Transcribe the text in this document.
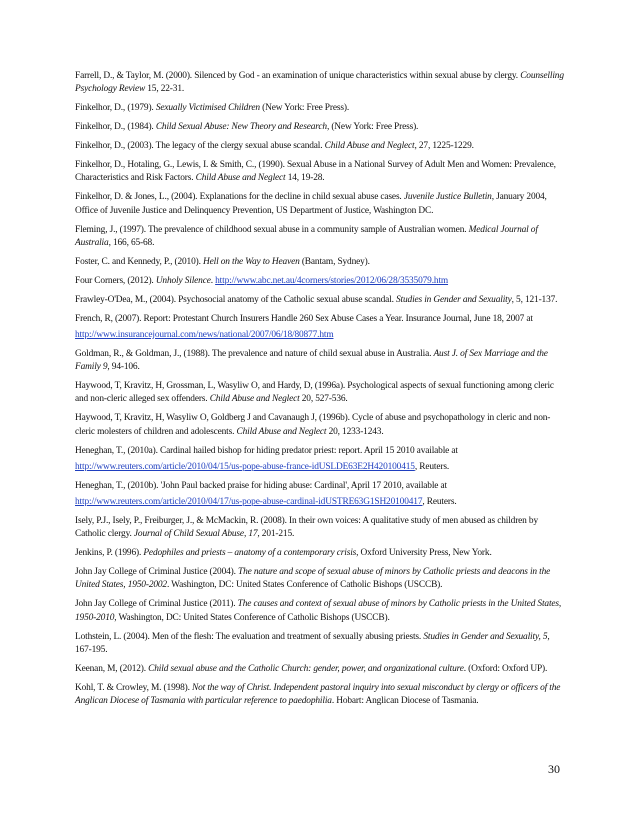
Farrell, D., & Taylor, M. (2000). Silenced by God - an examination of unique characteristics within sexual abuse by clergy. Counselling Psychology Review 15, 22-31.

Finkelhor, D., (1979). Sexually Victimised Children (New York: Free Press).

Finkelhor, D., (1984). Child Sexual Abuse: New Theory and Research, (New York: Free Press).

Finkelhor, D., (2003). The legacy of the clergy sexual abuse scandal. Child Abuse and Neglect, 27, 1225-1229.

Finkelhor, D., Hotaling, G., Lewis, I. & Smith, C., (1990). Sexual Abuse in a National Survey of Adult Men and Women: Prevalence, Characteristics and Risk Factors. Child Abuse and Neglect 14, 19-28.

Finkelhor, D. & Jones, L., (2004). Explanations for the decline in child sexual abuse cases. Juvenile Justice Bulletin, January 2004, Office of Juvenile Justice and Delinquency Prevention, US Department of Justice, Washington DC.

Fleming, J., (1997). The prevalence of childhood sexual abuse in a community sample of Australian women. Medical Journal of Australia, 166, 65-68.

Foster, C. and Kennedy, P., (2010). Hell on the Way to Heaven (Bantam, Sydney).

Four Corners, (2012). Unholy Silence. http://www.abc.net.au/4corners/stories/2012/06/28/3535079.htm

Frawley-O'Dea, M., (2004). Psychosocial anatomy of the Catholic sexual abuse scandal. Studies in Gender and Sexuality, 5, 121-137.

French, R, (2007). Report: Protestant Church Insurers Handle 260 Sex Abuse Cases a Year. Insurance Journal, June 18, 2007 at

http://www.insurancejournal.com/news/national/2007/06/18/80877.htm

Goldman, R., & Goldman, J., (1988). The prevalence and nature of child sexual abuse in Australia. Aust J. of Sex Marriage and the Family 9, 94-106.

Haywood, T, Kravitz, H, Grossman, L, Wasyliw O, and Hardy, D, (1996a). Psychological aspects of sexual functioning among cleric and non-cleric alleged sex offenders. Child Abuse and Neglect 20, 527-536.

Haywood, T, Kravitz, H, Wasyliw O, Goldberg J and Cavanaugh J, (1996b). Cycle of abuse and psychopathology in cleric and non-cleric molesters of children and adolescents. Child Abuse and Neglect 20, 1233-1243.

Heneghan, T., (2010a). Cardinal hailed bishop for hiding predator priest: report. April 15 2010 available at

http://www.reuters.com/article/2010/04/15/us-pope-abuse-france-idUSLDE63E2H420100415, Reuters.

Heneghan, T., (2010b). 'John Paul backed praise for hiding abuse: Cardinal', April 17 2010, available at

http://www.reuters.com/article/2010/04/17/us-pope-abuse-cardinal-idUSTRE63G1SH20100417, Reuters.

Isely, P.J., Isely, P., Freiburger, J., & McMackin, R. (2008). In their own voices: A qualitative study of men abused as children by Catholic clergy. Journal of Child Sexual Abuse, 17, 201-215.

Jenkins, P. (1996). Pedophiles and priests – anatomy of a contemporary crisis, Oxford University Press, New York.

John Jay College of Criminal Justice (2004). The nature and scope of sexual abuse of minors by Catholic priests and deacons in the United States, 1950-2002. Washington, DC: United States Conference of Catholic Bishops (USCCB).

John Jay College of Criminal Justice (2011). The causes and context of sexual abuse of minors by Catholic priests in the United States, 1950-2010, Washington, DC: United States Conference of Catholic Bishops (USCCB).

Lothstein, L. (2004). Men of the flesh: The evaluation and treatment of sexually abusing priests. Studies in Gender and Sexuality, 5, 167-195.

Keenan, M, (2012). Child sexual abuse and the Catholic Church: gender, power, and organizational culture. (Oxford: Oxford UP).

Kohl, T. & Crowley, M. (1998). Not the way of Christ. Independent pastoral inquiry into sexual misconduct by clergy or officers of the Anglican Diocese of Tasmania with particular reference to paedophilia. Hobart: Anglican Diocese of Tasmania.

30
